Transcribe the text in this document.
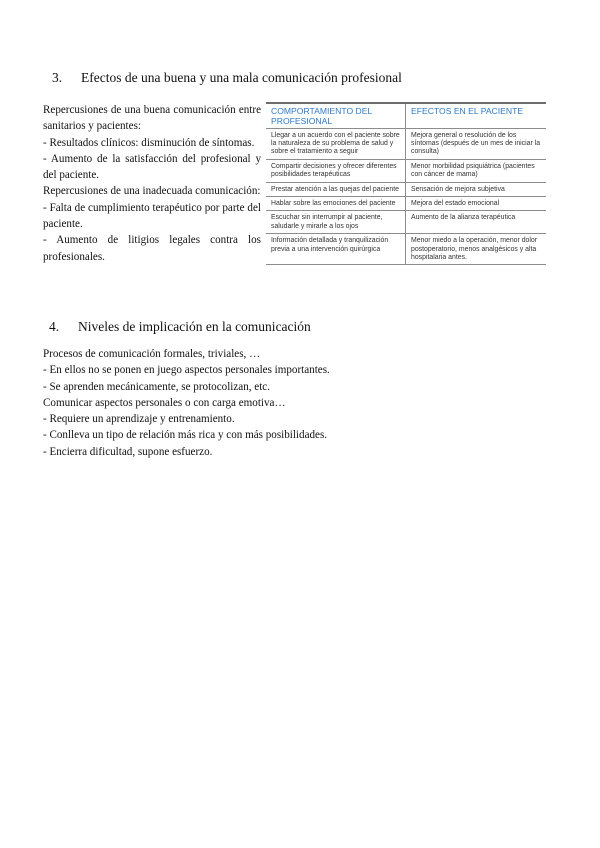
3. Efectos de una buena y una mala comunicación profesional
Repercusiones de una buena comunicación entre sanitarios y pacientes:
- Resultados clínicos: disminución de síntomas.
- Aumento de la satisfacción del profesional y del paciente.
Repercusiones de una inadecuada comunicación:
- Falta de cumplimiento terapéutico por parte del paciente.
- Aumento de litigios legales contra los profesionales.
COMPORTAMIENTO DEL PROFESIONAL	EFECTOS EN EL PACIENTE
Llegar a un acuerdo con el paciente sobre la naturaleza de su problema de salud y sobre el tratamiento a seguir	Mejora general o resolución de los síntomas (después de un mes de iniciar la consulta)
Compartir decisiones y ofrecer diferentes posibilidades terapéuticas	Menor morbilidad psiquiátrica (pacientes con cáncer de mama)
Prestar atención a las quejas del paciente	Sensación de mejora subjetiva
Hablar sobre las emociones del paciente	Mejora del estado emocional
Escuchar sin interrumpir al paciente, saludarle y mirarle a los ojos	Aumento de la alianza terapéutica
Información detallada y tranquilización previa a una intervención quirúrgica	Menor miedo a la operación, menor dolor postoperatorio, menos analgésicos y alta hospitalaria antes.
4. Niveles de implicación en la comunicación
Procesos de comunicación formales, triviales, …
- En ellos no se ponen en juego aspectos personales importantes.
- Se aprenden mecánicamente, se protocolizan, etc.
Comunicar aspectos personales o con carga emotiva…
- Requiere un aprendizaje y entrenamiento.
- Conlleva un tipo de relación más rica y con más posibilidades.
- Encierra dificultad, supone esfuerzo.
